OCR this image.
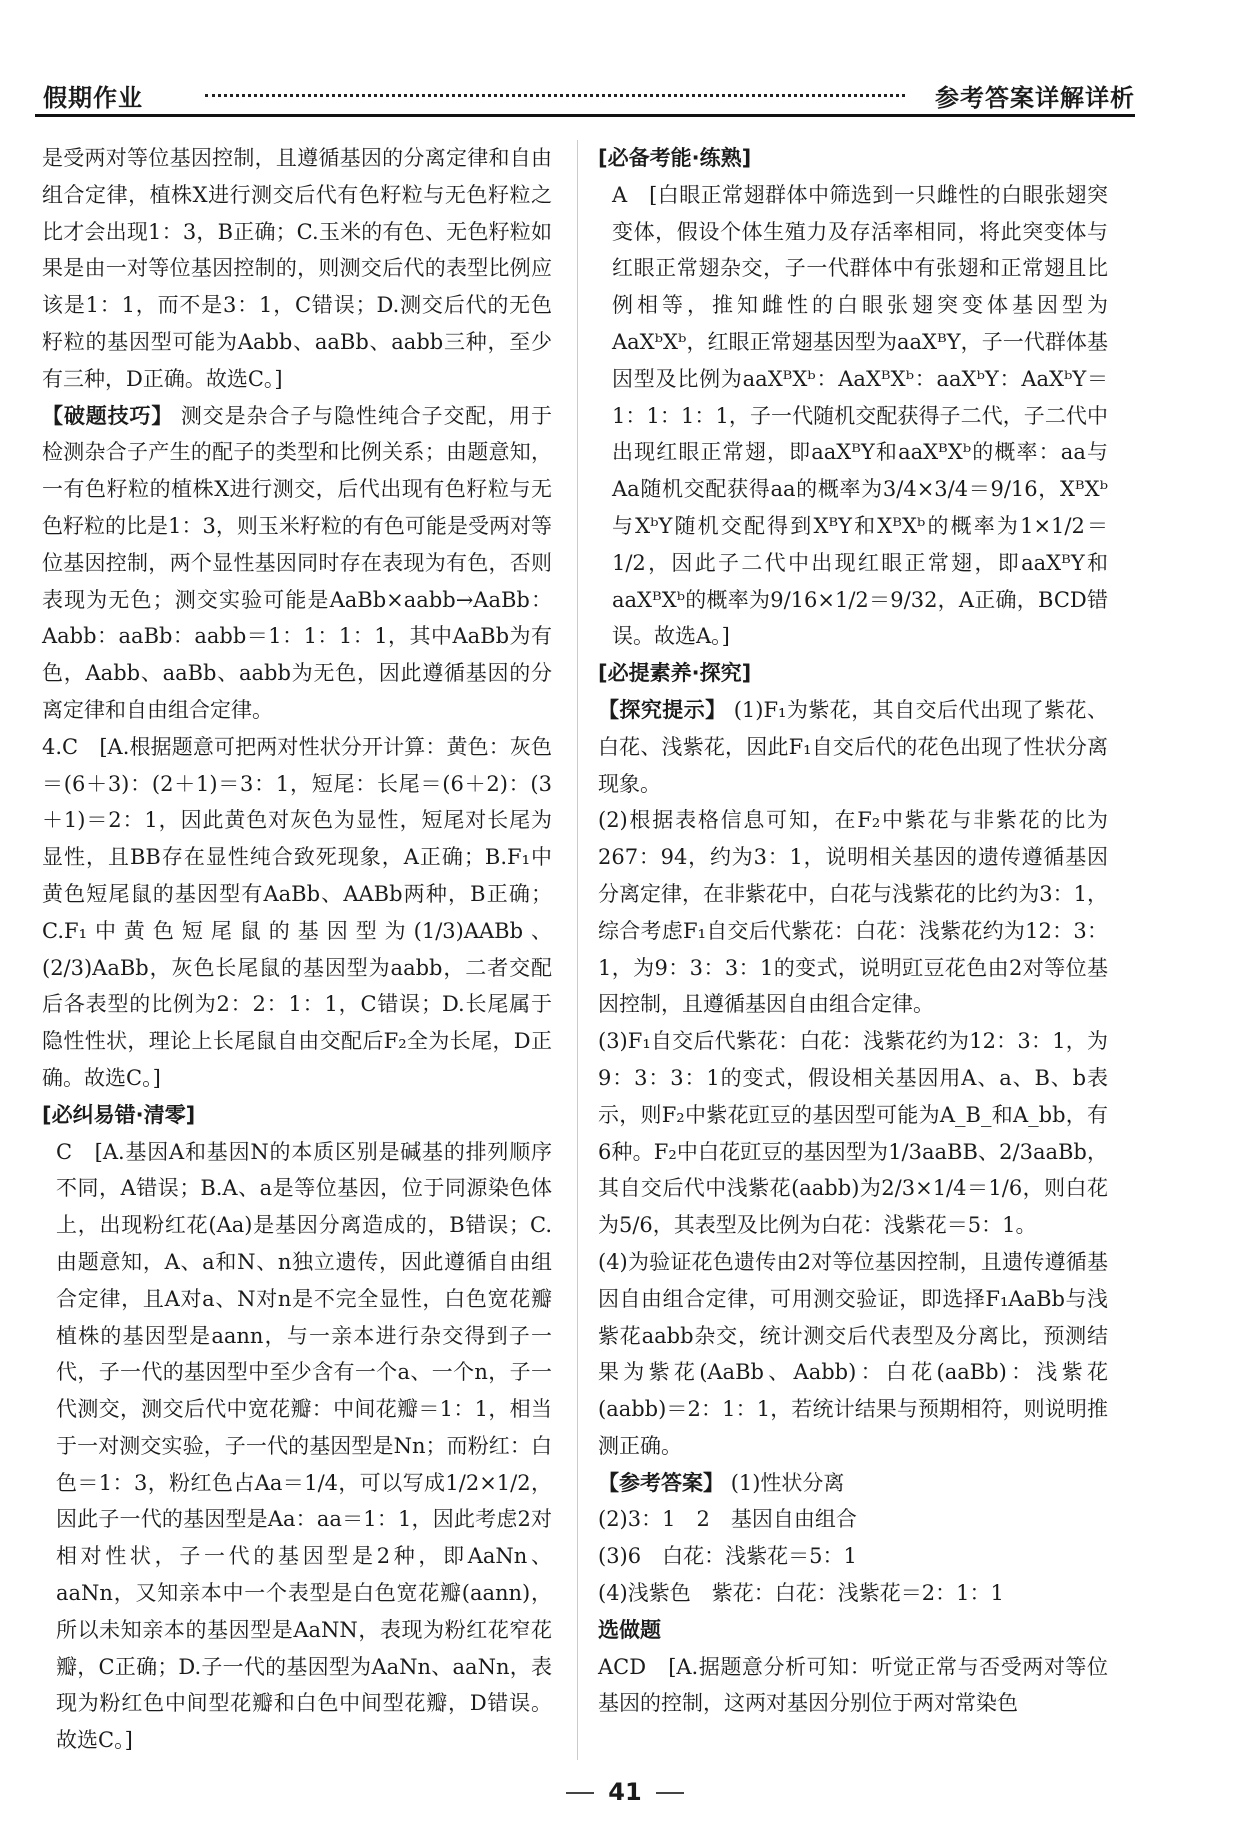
假期作业	参考答案详解详析

是受两对等位基因控制，且遵循基因的分离定律和自由组合定律，植株X进行测交后代有色籽粒与无色籽粒之比才会出现1：3，B正确；C.玉米的有色、无色籽粒如果是由一对等位基因控制的，则测交后代的表型比例应该是1：1，而不是3：1，C错误；D.测交后代的无色籽粒的基因型可能为Aabb、aaBb、aabb三种，至少有三种，D正确。故选C。]

【破题技巧】 测交是杂合子与隐性纯合子交配，用于检测杂合子产生的配子的类型和比例关系；由题意知，一有色籽粒的植株X进行测交，后代出现有色籽粒与无色籽粒的比是1：3，则玉米籽粒的有色可能是受两对等位基因控制，两个显性基因同时存在表现为有色，否则表现为无色；测交实验可能是AaBb×aabb→AaBb：Aabb：aaBb：aabb＝1：1：1：1，其中AaBb为有色，Aabb、aaBb、aabb为无色，因此遵循基因的分离定律和自由组合定律。

4.C　[A.根据题意可把两对性状分开计算：黄色：灰色＝(6＋3)：(2＋1)＝3：1，短尾：长尾＝(6＋2)：(3＋1)＝2：1，因此黄色对灰色为显性，短尾对长尾为显性，且BB存在显性纯合致死现象，A正确；B.F₁中黄色短尾鼠的基因型有AaBb、AABb两种，B正确；C.F₁中黄色短尾鼠的基因型为(1/3)AABb、(2/3)AaBb，灰色长尾鼠的基因型为aabb，二者交配后各表型的比例为2：2：1：1，C错误；D.长尾属于隐性性状，理论上长尾鼠自由交配后F₂全为长尾，D正确。故选C。]

[必纠易错·清零]

C　[A.基因A和基因N的本质区别是碱基的排列顺序不同，A错误；B.A、a是等位基因，位于同源染色体上，出现粉红花(Aa)是基因分离造成的，B错误；C.由题意知，A、a和N、n独立遗传，因此遵循自由组合定律，且A对a、N对n是不完全显性，白色宽花瓣植株的基因型是aann，与一亲本进行杂交得到子一代，子一代的基因型中至少含有一个a、一个n，子一代测交，测交后代中宽花瓣：中间花瓣＝1：1，相当于一对测交实验，子一代的基因型是Nn；而粉红：白色＝1：3，粉红色占Aa＝1/4，可以写成1/2×1/2，因此子一代的基因型是Aa：aa＝1：1，因此考虑2对相对性状，子一代的基因型是2种，即AaNn、aaNn，又知亲本中一个表型是白色宽花瓣(aann)，所以未知亲本的基因型是AaNN，表现为粉红花窄花瓣，C正确；D.子一代的基因型为AaNn、aaNn，表现为粉红色中间型花瓣和白色中间型花瓣，D错误。故选C。]

[必备考能·练熟]

A　[白眼正常翅群体中筛选到一只雌性的白眼张翅突变体，假设个体生殖力及存活率相同，将此突变体与红眼正常翅杂交，子一代群体中有张翅和正常翅且比例相等，推知雌性的白眼张翅突变体基因型为AaXᵇXᵇ，红眼正常翅基因型为aaXᴮY，子一代群体基因型及比例为aaXᴮXᵇ：AaXᴮXᵇ：aaXᵇY：AaXᵇY＝1：1：1：1，子一代随机交配获得子二代，子二代中出现红眼正常翅，即aaXᴮY和aaXᴮXᵇ的概率：aa与Aa随机交配获得aa的概率为3/4×3/4＝9/16，XᴮXᵇ与XᵇY随机交配得到XᴮY和XᴮXᵇ的概率为1×1/2＝1/2，因此子二代中出现红眼正常翅，即aaXᴮY和aaXᴮXᵇ的概率为9/16×1/2＝9/32，A正确，BCD错误。故选A。]

[必提素养·探究]

【探究提示】 (1)F₁为紫花，其自交后代出现了紫花、白花、浅紫花，因此F₁自交后代的花色出现了性状分离现象。

(2)根据表格信息可知，在F₂中紫花与非紫花的比为267：94，约为3：1，说明相关基因的遗传遵循基因分离定律，在非紫花中，白花与浅紫花的比约为3：1，综合考虑F₁自交后代紫花：白花：浅紫花约为12：3：1，为9：3：3：1的变式，说明豇豆花色由2对等位基因控制，且遵循基因自由组合定律。

(3)F₁自交后代紫花：白花：浅紫花约为12：3：1，为9：3：3：1的变式，假设相关基因用A、a、B、b表示，则F₂中紫花豇豆的基因型可能为A_B_和A_bb，有6种。F₂中白花豇豆的基因型为1/3aaBB、2/3aaBb，其自交后代中浅紫花(aabb)为2/3×1/4＝1/6，则白花为5/6，其表型及比例为白花：浅紫花＝5：1。

(4)为验证花色遗传由2对等位基因控制，且遗传遵循基因自由组合定律，可用测交验证，即选择F₁AaBb与浅紫花aabb杂交，统计测交后代表型及分离比，预测结果为紫花(AaBb、Aabb)：白花(aaBb)：浅紫花(aabb)＝2：1：1，若统计结果与预期相符，则说明推测正确。

【参考答案】 (1)性状分离

(2)3：1　2　基因自由组合

(3)6　白花：浅紫花＝5：1

(4)浅紫色　紫花：白花：浅紫花＝2：1：1

选做题

ACD　[A.据题意分析可知：听觉正常与否受两对等位基因的控制，这两对基因分别位于两对常染色

41
